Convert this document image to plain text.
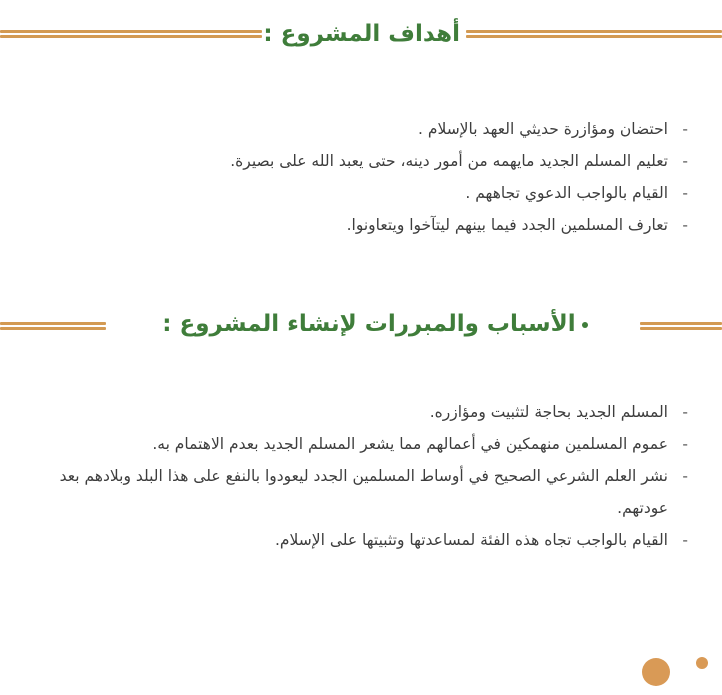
أهداف المشروع :
-
احتضان ومؤازرة حديثي العهد بالإسلام .
-
تعليم المسلم الجديد مايهمه من أمور دينه، حتى يعبد الله على بصيرة.
-
القيام بالواجب الدعوي تجاههم .
-
تعارف المسلمين الجدد فيما بينهم ليتآخوا ويتعاونوا.
الأسباب والمبررات لإنشاء المشروع :
-
المسلم الجديد بحاجة لتثبيت ومؤازره.
-
عموم المسلمين منهمكين في أعمالهم مما يشعر المسلم الجديد بعدم الاهتمام به.
-
نشر العلم الشرعي الصحيح في أوساط المسلمين الجدد ليعودوا بالنفع على هذا البلد وبلادهم بعد عودتهم.
-
القيام بالواجب تجاه هذه الفئة لمساعدتها وتثبيتها على الإسلام.
